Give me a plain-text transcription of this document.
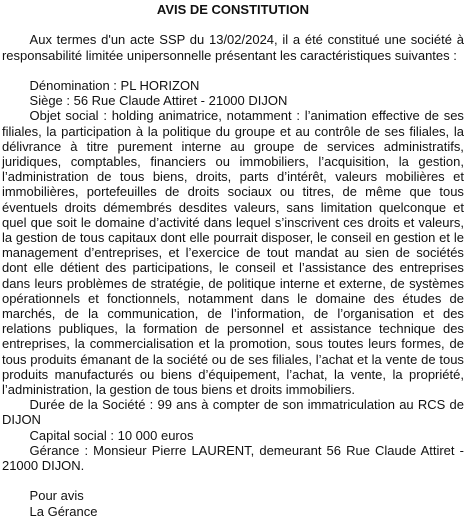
AVIS DE CONSTITUTION

Aux termes d'un acte SSP du 13/02/2024, il a été constitué une société à responsabilité limitée unipersonnelle présentant les caractéristiques suivantes :

Dénomination : PL HORIZON

Siège : 56 Rue Claude Attiret - 21000 DIJON

Objet social : holding animatrice, notamment : l’animation effective de ses filiales, la participation à la politique du groupe et au contrôle de ses filiales, la délivrance à titre purement interne au groupe de services administratifs, juridiques, comptables, financiers ou immobiliers, l’acquisition, la gestion, l’administration de tous biens, droits, parts d’intérêt, valeurs mobilières et immobilières, portefeuilles de droits sociaux ou titres, de même que tous éventuels droits démembrés desdites valeurs, sans limitation quelconque et quel que soit le domaine d’activité dans lequel s’inscrivent ces droits et valeurs, la gestion de tous capitaux dont elle pourrait disposer, le conseil en gestion et le management d’entreprises, et l’exercice de tout mandat au sien de sociétés dont elle détient des participations, le conseil et l’assistance des entreprises dans leurs problèmes de stratégie, de politique interne et externe, de systèmes opérationnels et fonctionnels, notamment dans le domaine des études de marchés, de la communication, de l’information, de l’organisation et des relations publiques, la formation de personnel et assistance technique des entreprises, la commercialisation et la promotion, sous toutes leurs formes, de tous produits émanant de la société ou de ses filiales, l’achat et la vente de tous produits manufacturés ou biens d’équipement, l’achat, la vente, la propriété, l’administration, la gestion de tous biens et droits immobiliers.

Durée de la Société : 99 ans à compter de son immatriculation au RCS de DIJON

Capital social : 10 000 euros

Gérance : Monsieur Pierre LAURENT, demeurant 56 Rue Claude Attiret - 21000 DIJON.

Pour avis

La Gérance
